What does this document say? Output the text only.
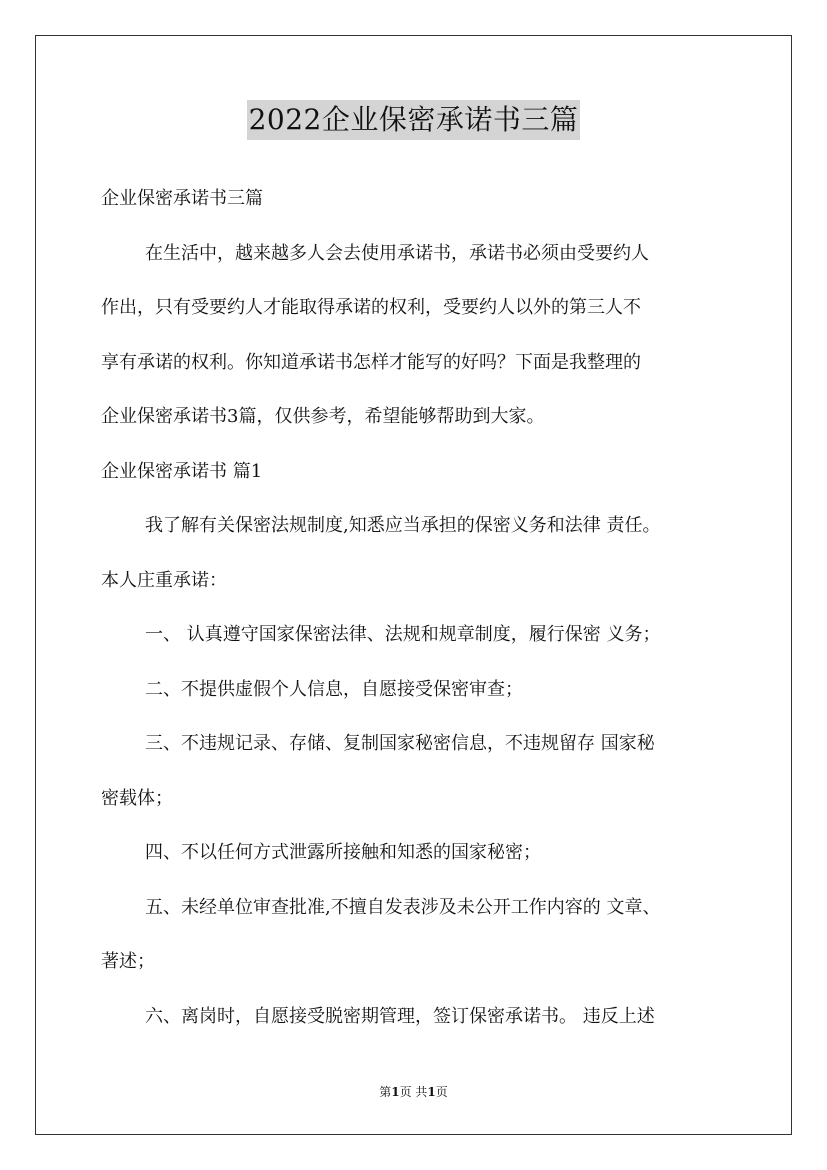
2022企业保密承诺书三篇
企业保密承诺书三篇
在生活中，越来越多人会去使用承诺书，承诺书必须由受要约人
作出，只有受要约人才能取得承诺的权利，受要约人以外的第三人不
享有承诺的权利。你知道承诺书怎样才能写的好吗？下面是我整理的
企业保密承诺书3篇，仅供参考，希望能够帮助到大家。
企业保密承诺书 篇1
我了解有关保密法规制度,知悉应当承担的保密义务和法律 责任。
本人庄重承诺：
一、 认真遵守国家保密法律、法规和规章制度，履行保密 义务；
二、不提供虚假个人信息，自愿接受保密审查；
三、不违规记录、存储、复制国家秘密信息，不违规留存 国家秘
密载体；
四、不以任何方式泄露所接触和知悉的国家秘密；
五、未经单位审查批准,不擅自发表涉及未公开工作内容的 文章、
著述；
六、离岗时，自愿接受脱密期管理，签订保密承诺书。 违反上述
第1页 共1页
